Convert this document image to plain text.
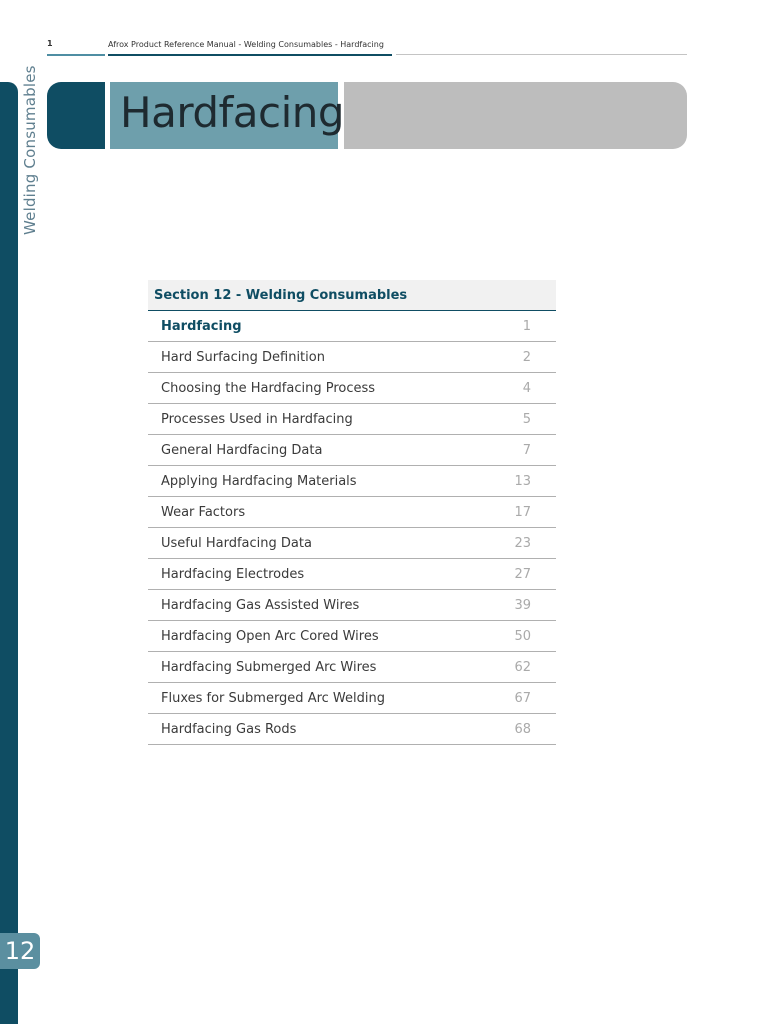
1	Afrox Product Reference Manual - Welding Consumables - Hardfacing
Hardfacing
Welding Consumables
12
Section 12 - Welding Consumables
Hardfacing	1
Hard Surfacing Definition	2
Choosing the Hardfacing Process	4
Processes Used in Hardfacing	5
General Hardfacing Data	7
Applying Hardfacing Materials	13
Wear Factors	17
Useful Hardfacing Data	23
Hardfacing Electrodes	27
Hardfacing Gas Assisted Wires	39
Hardfacing Open Arc Cored Wires	50
Hardfacing Submerged Arc Wires	62
Fluxes for Submerged Arc Welding	67
Hardfacing Gas Rods	68
